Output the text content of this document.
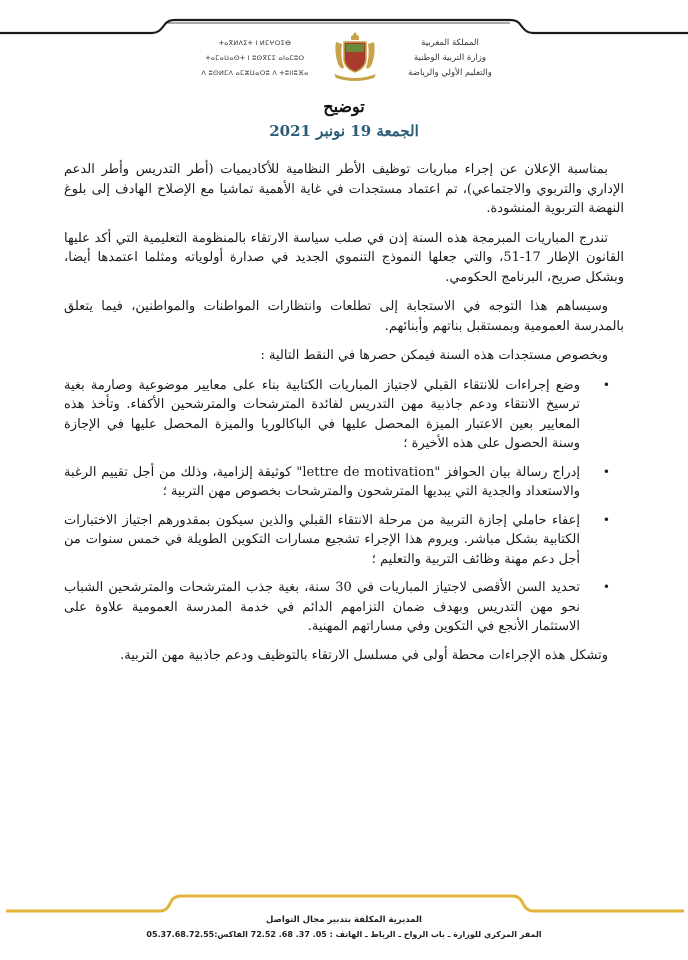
ⵜⴰⴳⵍⴷⵉⵜ ⵏ ⵍⵎⵖⵔⵉⴱ
ⵜⴰⵎⴰⵡⴰⵙⵜ ⵏ ⵓⵙⴳⵎⵉ ⴰⵏⴰⵎⵓⵔ
ⴷ ⵓⵙⵍⵎⴷ ⴰⵎⵣⵡⴰⵔⵓ ⴷ ⵜⵓⵏⵏⵓⴼⴰ
المملكة المغربية
وزارة التربية الوطنية
والتعليم الأولي والرياضة
توضيح
الجمعة 19 نونبر 2021

بمناسبة الإعلان عن إجراء مباريات توظيف الأطر النظامية للأكاديميات (أطر التدريس وأطر الدعم الإداري والتربوي والاجتماعي)، تم اعتماد مستجدات في غاية الأهمية تماشيا مع الإصلاح الهادف إلى بلوغ النهضة التربوية المنشودة.

تندرج المباريات المبرمجة هذه السنة إذن في صلب سياسة الارتقاء بالمنظومة التعليمية التي أكد عليها القانون الإطار 17-51، والتي جعلها النموذج التنموي الجديد في صدارة أولوياته ومثلما اعتمدها أيضا، وبشكل صريح، البرنامج الحكومي.

وسيساهم هذا التوجه في الاستجابة إلى تطلعات وانتظارات المواطنات والمواطنين، فيما يتعلق بالمدرسة العمومية وبمستقبل بناتهم وأبنائهم.

وبخصوص مستجدات هذه السنة فيمكن حصرها في النقط التالية :

•
وضع إجراءات للانتقاء القبلي لاجتياز المباريات الكتابية بناء على معايير موضوعية وصارمة بغية ترسيخ الانتقاء ودعم جاذبية مهن التدريس لفائدة المترشحات والمترشحين الأكفاء. وتأخذ هذه المعايير بعين الاعتبار الميزة المحصل عليها في الباكالوريا والميزة المحصل عليها في الإجازة وسنة الحصول على هذه الأخيرة ؛
•
إدراج رسالة بيان الحوافز "lettre de motivation" كوثيقة إلزامية، وذلك من أجل تقييم الرغبة والاستعداد والجدية التي يبديها المترشحون والمترشحات بخصوص مهن التربية ؛
•
إعفاء حاملي إجازة التربية من مرحلة الانتقاء القبلي والذين سيكون بمقدورهم اجتياز الاختبارات الكتابية بشكل مباشر. ويروم هذا الإجراء تشجيع مسارات التكوين الطويلة في خمس سنوات من أجل دعم مهنة وظائف التربية والتعليم ؛
•
تحديد السن الأقصى لاجتياز المباريات في 30 سنة، بغية جذب المترشحات والمترشحين الشباب نحو مهن التدريس وبهدف ضمان التزامهم الدائم في خدمة المدرسة العمومية علاوة على الاستثمار الأنجع في التكوين وفي مساراتهم المهنية.

وتشكل هذه الإجراءات محطة أولى في مسلسل الارتقاء بالتوظيف ودعم جاذبية مهن التربية.

المديرية المكلفة بتدبير مجال التواصل
المقر المركزي للوزارة ـ باب الرواح ـ الرباط ـ الهاتف : 05. 37. 68. 72.52 الفاكس:05.37.68.72.55
